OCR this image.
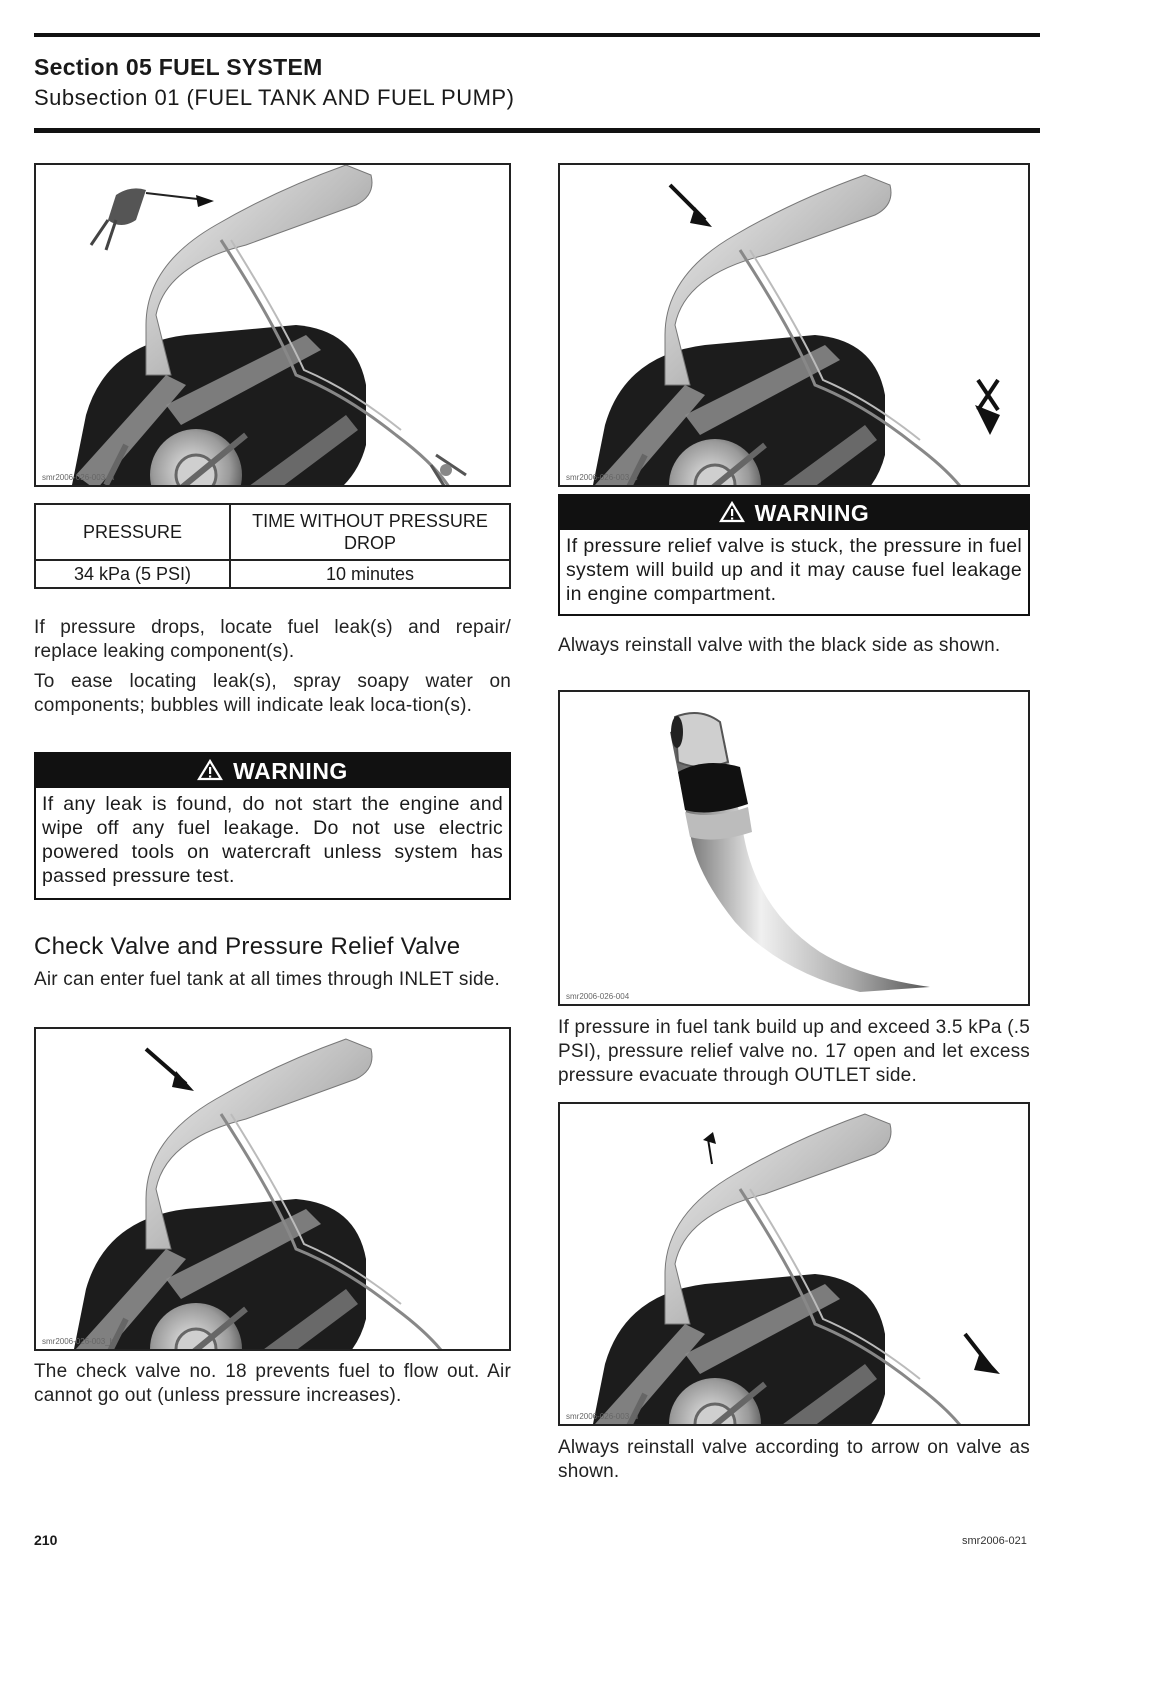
Section 05 FUEL SYSTEM
Subsection 01 (FUEL TANK AND FUEL PUMP)
smr2006-026-003_a
PRESSURE	TIME WITHOUT PRESSURE DROP
34 kPa (5 PSI)	10 minutes
If pressure drops, locate fuel leak(s) and repair/ replace leaking component(s).
To ease locating leak(s), spray soapy water on components; bubbles will indicate leak loca-tion(s).
WARNING
If any leak is found, do not start the engine and wipe off any fuel leakage. Do not use electric powered tools on watercraft unless system has passed pressure test.
Check Valve and Pressure Relief Valve
Air can enter fuel tank at all times through INLET side.
smr2006-026-003_b
The check valve no. 18 prevents fuel to flow out. Air cannot go out (unless pressure increases).
smr2006-026-003_c
WARNING
If pressure relief valve is stuck, the pressure in fuel system will build up and it may cause fuel leakage in engine compartment.
Always reinstall valve with the black side as shown.
smr2006-026-004
If pressure in fuel tank build up and exceed 3.5 kPa (.5 PSI), pressure relief valve no. 17 open and let excess pressure evacuate through OUTLET side.
smr2006-026-003_d
Always reinstall valve according to arrow on valve as shown.
210	smr2006-021
